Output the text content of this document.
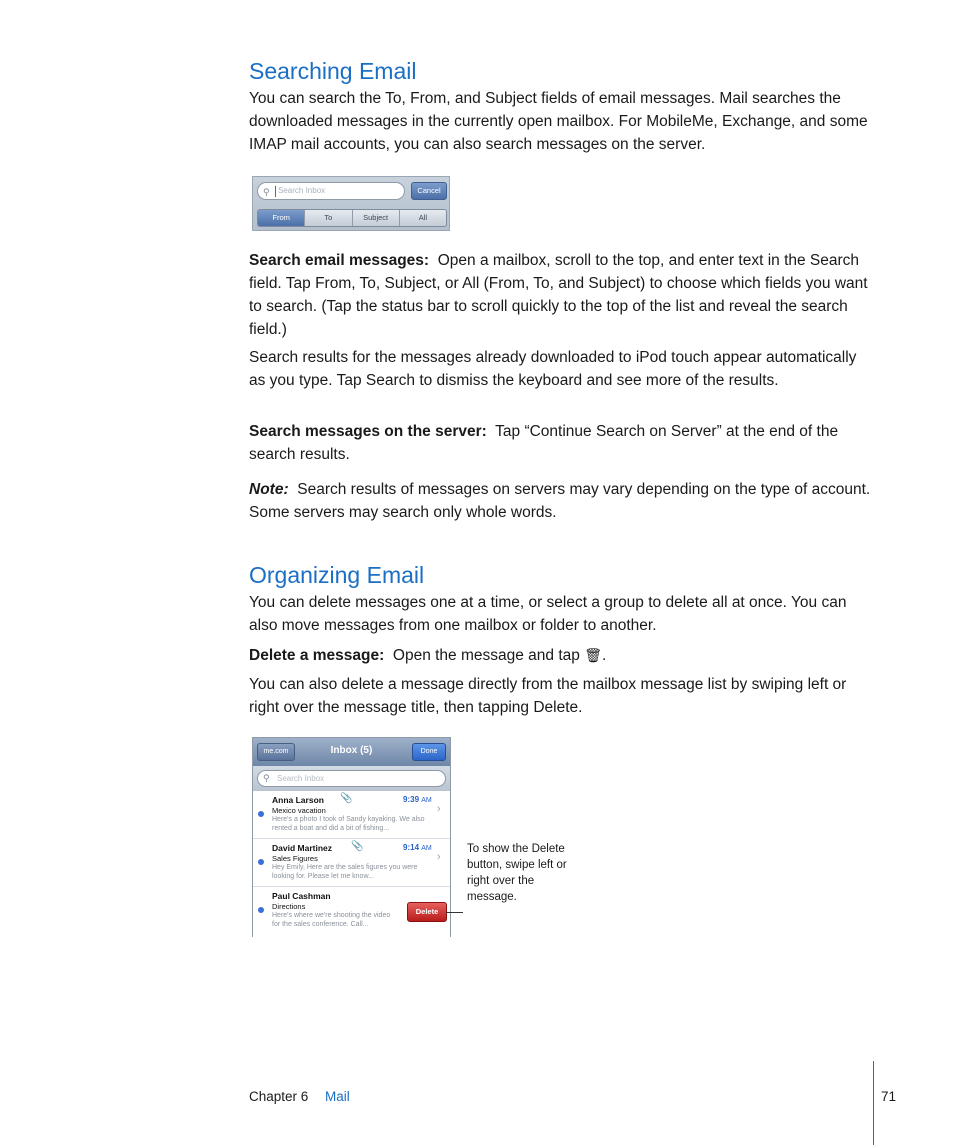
Searching Email

You can search the To, From, and Subject fields of email messages. Mail searches the downloaded messages in the currently open mailbox. For MobileMe, Exchange, and some IMAP mail accounts, you can also search messages on the server.

⚲ Search Inbox	Cancel
From	To	Subject	All

Search email messages: Open a mailbox, scroll to the top, and enter text in the Search field. Tap From, To, Subject, or All (From, To, and Subject) to choose which fields you want to search. (Tap the status bar to scroll quickly to the top of the list and reveal the search field.)

Search results for the messages already downloaded to iPod touch appear automatically as you type. Tap Search to dismiss the keyboard and see more of the results.

Search messages on the server: Tap “Continue Search on Server” at the end of the search results.

Note: Search results of messages on servers may vary depending on the type of account. Some servers may search only whole words.

Organizing Email

You can delete messages one at a time, or select a group to delete all at once. You can also move messages from one mailbox or folder to another.

Delete a message: Open the message and tap 🗑.

You can also delete a message directly from the mailbox message list by swiping left or right over the message title, then tapping Delete.

me.com	Inbox (5)	Done
⚲ Search Inbox
Anna Larson 📎	9:39 AM
Mexico vacation
Here's a photo I took of Sandy kayaking. We also rented a boat and did a bit of fishing...
›
David Martinez 📎	9:14 AM
Sales Figures
Hey Emily, Here are the sales figures you were looking for. Please let me know...
›
Paul Cashman
Directions
Here's where we're shooting the video for the sales conference. Call...
Delete
To show the Delete button, swipe left or right over the message.
Chapter 6 Mail	71
